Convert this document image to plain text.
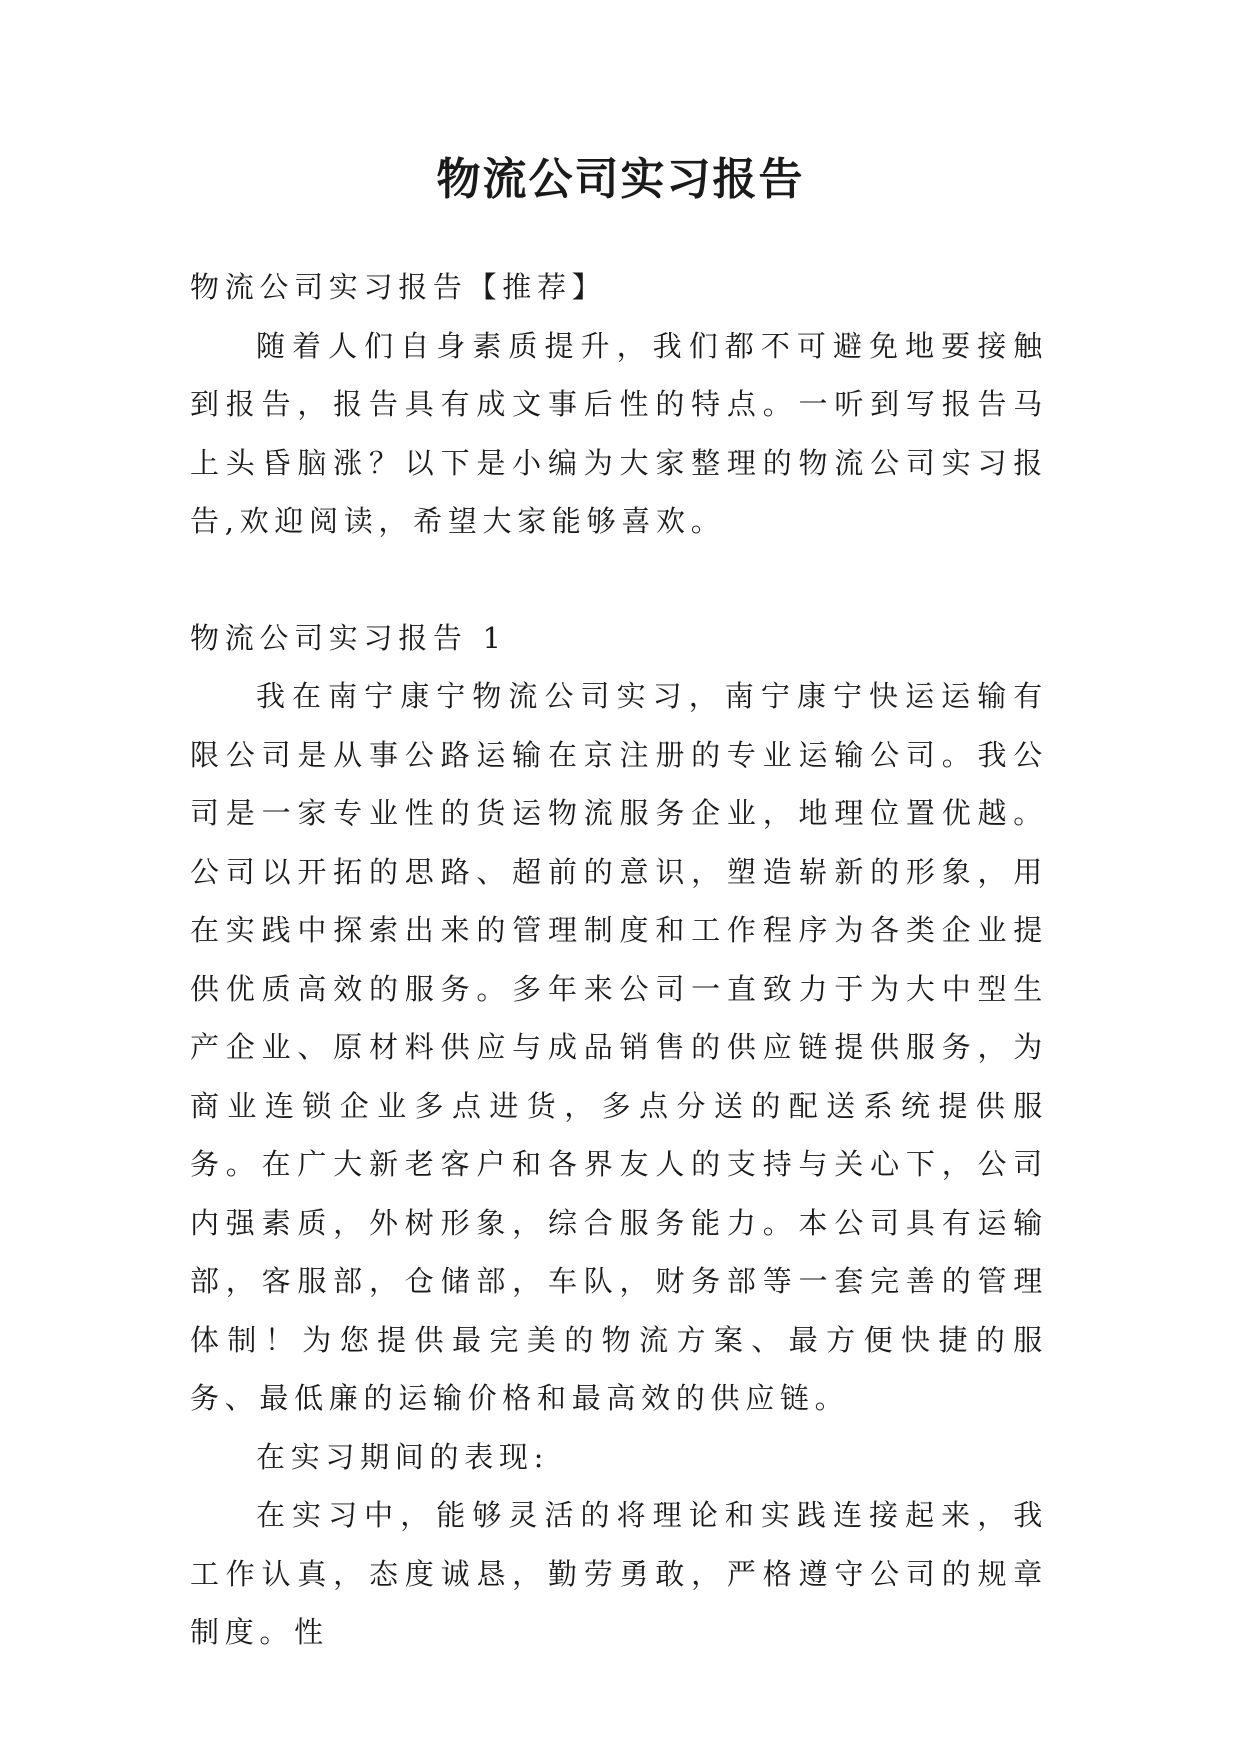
物流公司实习报告

物流公司实习报告【推荐】

随着人们自身素质提升，我们都不可避免地要接触到报告，报告具有成文事后性的特点。一听到写报告马上头昏脑涨？以下是小编为大家整理的物流公司实习报告,欢迎阅读，希望大家能够喜欢。

物流公司实习报告 1

我在南宁康宁物流公司实习，南宁康宁快运运输有限公司是从事公路运输在京注册的专业运输公司。我公司是一家专业性的货运物流服务企业，地理位置优越。公司以开拓的思路、超前的意识，塑造崭新的形象，用在实践中探索出来的管理制度和工作程序为各类企业提供优质高效的服务。多年来公司一直致力于为大中型生产企业、原材料供应与成品销售的供应链提供服务，为商业连锁企业多点进货，多点分送的配送系统提供服务。在广大新老客户和各界友人的支持与关心下，公司内强素质，外树形象，综合服务能力。本公司具有运输部，客服部，仓储部，车队，财务部等一套完善的管理体制！为您提供最完美的物流方案、最方便快捷的服务、最低廉的运输价格和最高效的供应链。

在实习期间的表现:

在实习中，能够灵活的将理论和实践连接起来，我工作认真，态度诚恳，勤劳勇敢，严格遵守公司的规章制度。性
